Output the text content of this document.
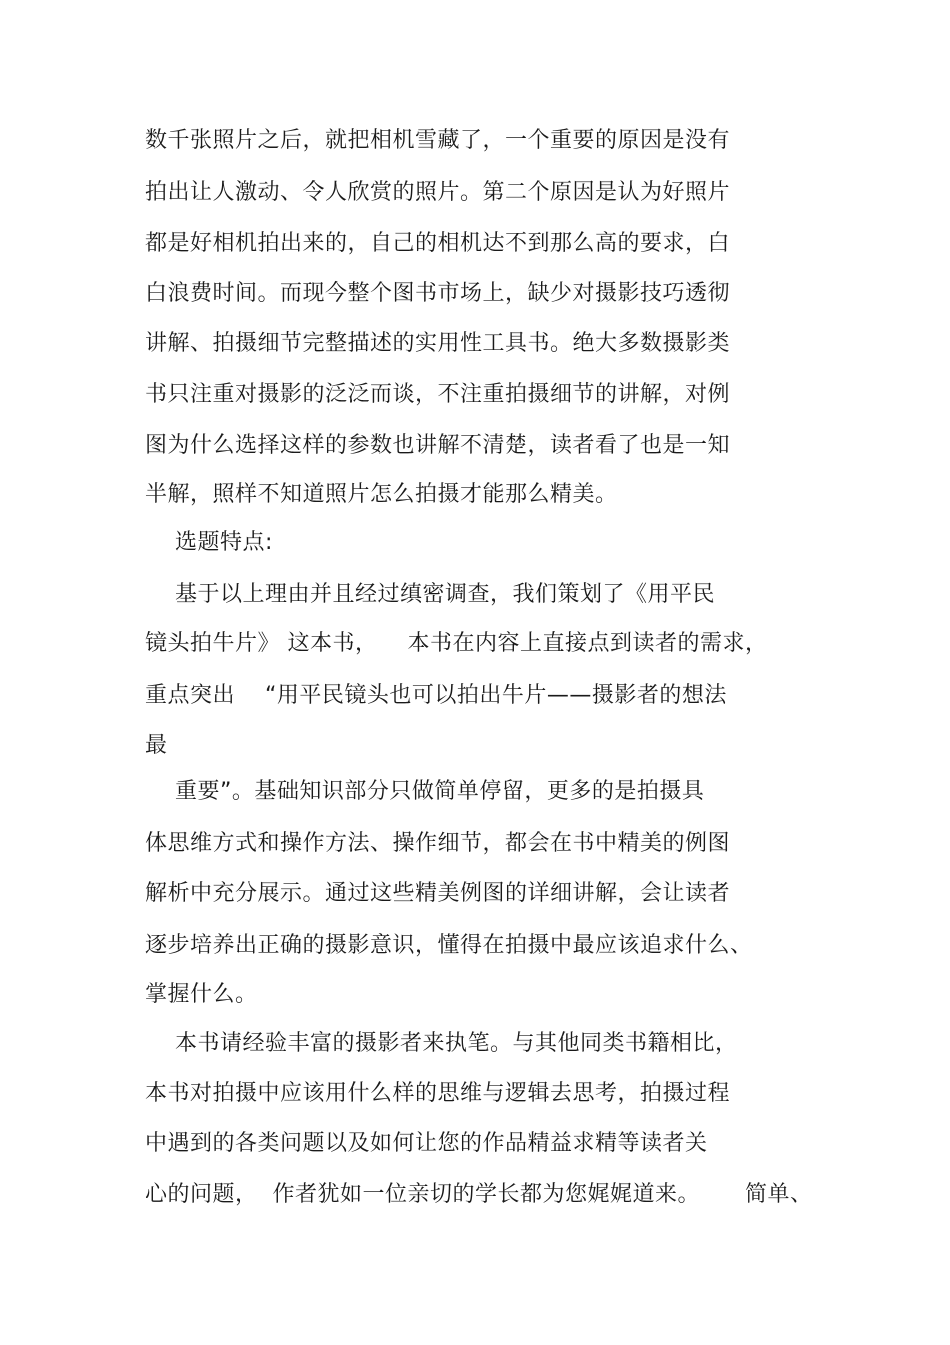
数千张照片之后，就把相机雪藏了，一个重要的原因是没有
拍出让人激动、令人欣赏的照片。第二个原因是认为好照片
都是好相机拍出来的，自己的相机达不到那么高的要求，白
白浪费时间。而现今整个图书市场上，缺少对摄影技巧透彻
讲解、拍摄细节完整描述的实用性工具书。绝大多数摄影类
书只注重对摄影的泛泛而谈，不注重拍摄细节的讲解，对例
图为什么选择这样的参数也讲解不清楚，读者看了也是一知
半解，照样不知道照片怎么拍摄才能那么精美。
选题特点:
基于以上理由并且经过缜密调查，我们策划了《用平民
镜头拍牛片》 这本书，    本书在内容上直接点到读者的需求，
重点突出    “用平民镜头也可以拍出牛片——摄影者的想法
最
重要”。基础知识部分只做简单停留，更多的是拍摄具
体思维方式和操作方法、操作细节，都会在书中精美的例图
解析中充分展示。通过这些精美例图的详细讲解，会让读者
逐步培养出正确的摄影意识，懂得在拍摄中最应该追求什么、
掌握什么。
本书请经验丰富的摄影者来执笔。与其他同类书籍相比，
本书对拍摄中应该用什么样的思维与逻辑去思考，拍摄过程
中遇到的各类问题以及如何让您的作品精益求精等读者关
心的问题，  作者犹如一位亲切的学长都为您娓娓道来。      简单、
